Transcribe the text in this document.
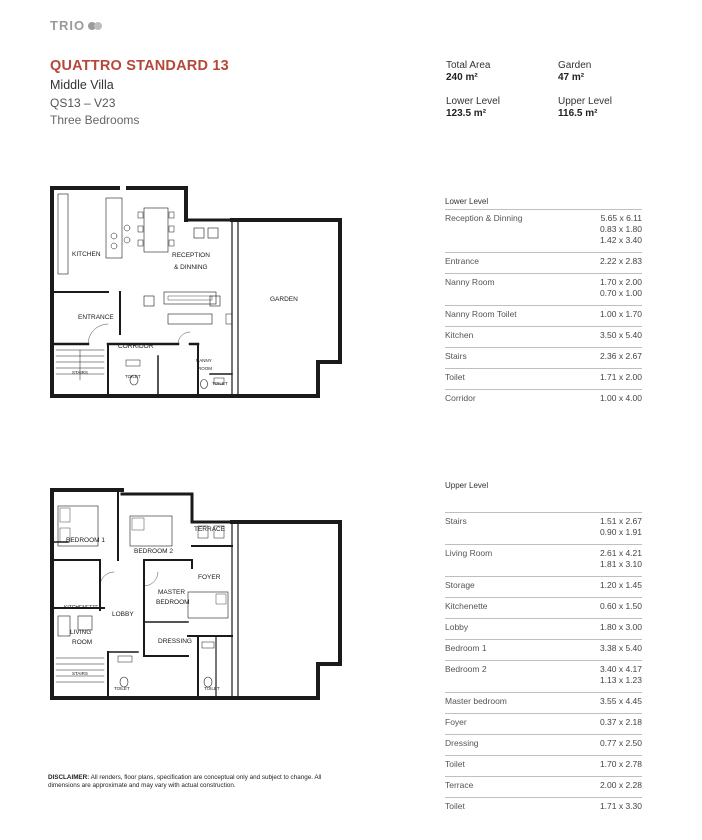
TRIO
QUATTRO STANDARD 13
Middle Villa
QS13 – V23
Three Bedrooms
Total Area
240 m²
Garden
47 m²
Lower Level
123.5 m²
Upper Level
116.5 m²
KITCHEN	RECEPTION
& DINNING
GARDEN
ENTRANCE
CORRIDOR
NANNY
ROOM
STAIRS
TOILET
TOILET
BEDROOM 1
BEDROOM 2
TERRACE
FOYER
MASTER
BEDROOM
KITCHENETTE
LOBBY
LIVING
ROOM	DRESSING
STAIRS
TOILET	TOILET
Lower Level
Reception & Dinning	5.65 x 6.11
0.83 x 1.80
1.42 x 3.40
Entrance	2.22 x 2.83
Nanny Room	1.70 x 2.00
0.70 x 1.00
Nanny Room Toilet	1.00 x 1.70
Kitchen	3.50 x 5.40
Stairs	2.36 x 2.67
Toilet	1.71 x 2.00
Corridor	1.00 x 4.00
Upper Level
Stairs	1.51 x 2.67
0.90 x 1.91
Living Room	2.61 x 4.21
1.81 x 3.10
Storage	1.20 x 1.45
Kitchenette	0.60 x 1.50
Lobby	1.80 x 3.00
Bedroom 1	3.38 x 5.40
Bedroom 2	3.40 x 4.17
1.13 x 1.23
Master bedroom	3.55 x 4.45
Foyer	0.37 x 2.18
Dressing	0.77 x 2.50
Toilet	1.70 x 2.78
Terrace	2.00 x 2.28
Toilet	1.71 x 3.30
DISCLAIMER: All renders, floor plans, specification are conceptual only and subject to change. All dimensions are approximate and may vary with actual construction.
